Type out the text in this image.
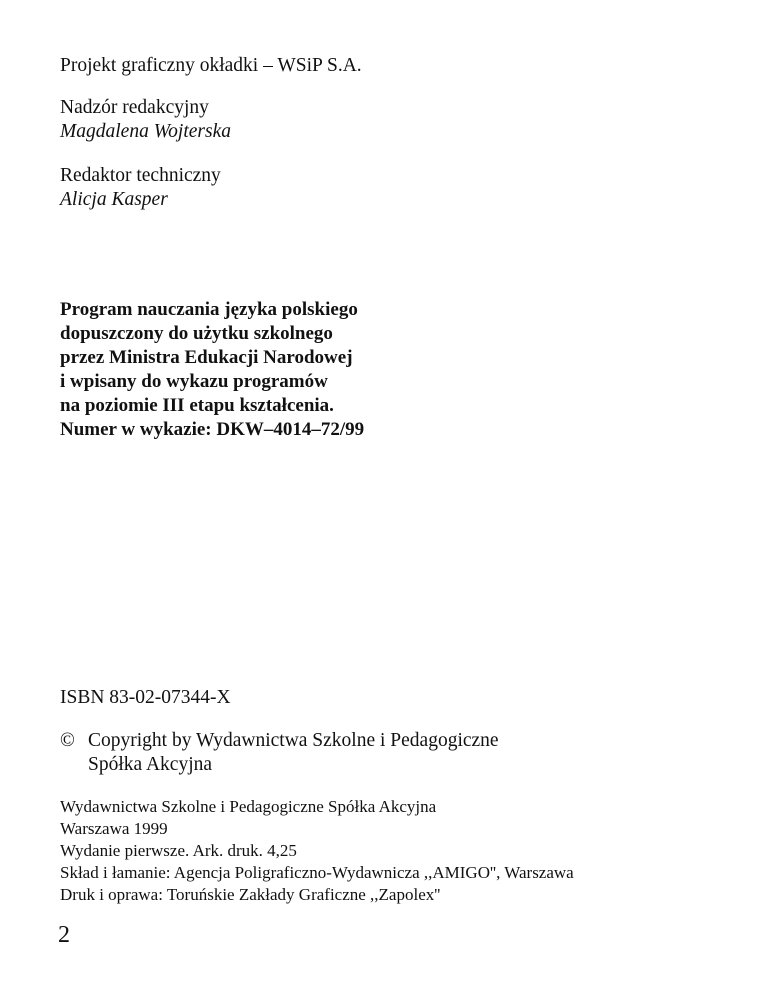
Projekt graficzny okładki – WSiP S.A.
Nadzór redakcyjny
Magdalena Wojterska
Redaktor techniczny
Alicja Kasper
Program nauczania języka polskiego
dopuszczony do użytku szkolnego
przez Ministra Edukacji Narodowej
i wpisany do wykazu programów
na poziomie III etapu kształcenia.
Numer w wykazie: DKW–4014–72/99
ISBN 83-02-07344-X
© Copyright by Wydawnictwa Szkolne i Pedagogiczne
Spółka Akcyjna
Wydawnictwa Szkolne i Pedagogiczne Spółka Akcyjna
Warszawa 1999
Wydanie pierwsze. Ark. druk. 4,25
Skład i łamanie: Agencja Poligraficzno-Wydawnicza ,,AMIGO'', Warszawa
Druk i oprawa: Toruńskie Zakłady Graficzne ,,Zapolex''
2
